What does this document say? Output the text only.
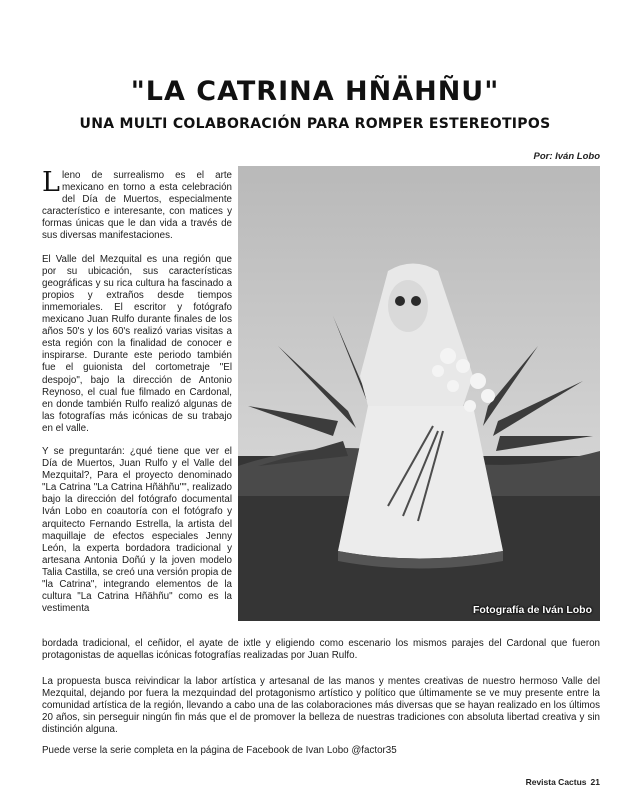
"LA CATRINA HÑÄHÑU"
UNA MULTI COLABORACIÓN PARA ROMPER ESTEREOTIPOS
Por: Iván Lobo

Lleno de surrealismo es el arte mexicano en torno a esta celebración del Día de Muertos, especialmente característico e interesante, con matices y formas únicas que le dan vida a través de sus diversas manifestaciones.

El Valle del Mezquital es una región que por su ubicación, sus características geográficas y su rica cultura ha fascinado a propios y extraños desde tiempos inmemoriales. El escritor y fotógrafo mexicano Juan Rulfo durante finales de los años 50's y los 60's realizó varias visitas a esta región con la finalidad de conocer e inspirarse. Durante este periodo también fue el guionista del cortometraje "El despojo", bajo la dirección de Antonio Reynoso, el cual fue filmado en Cardonal, en donde también Rulfo realizó algunas de las fotografías más icónicas de su trabajo en el valle.

Y se preguntarán: ¿qué tiene que ver el Día de Muertos, Juan Rulfo y el Valle del Mezquital?, Para el proyecto denominado "La Catrina "La Catrina Hñähñu"", realizado bajo la dirección del fotógrafo documental Iván Lobo en coautoría con el fotógrafo y arquitecto Fernando Estrella, la artista del maquillaje de efectos especiales Jenny León, la experta bordadora tradicional y artesana Antonia Doñú y la joven modelo Talia Castilla, se creó una versión propia de "la Catrina", integrando elementos de la cultura "La Catrina Hñähñu" como es la vestimenta	Fotografía de Iván Lobo

bordada tradicional, el ceñidor, el ayate de ixtle y eligiendo como escenario los mismos parajes del Cardonal que fueron protagonistas de aquellas icónicas fotografías realizadas por Juan Rulfo.

La propuesta busca reivindicar la labor artística y artesanal de las manos y mentes creativas de nuestro hermoso Valle del Mezquital, dejando por fuera la mezquindad del protagonismo artístico y político que últimamente se ve muy presente entre la comunidad artística de la región, llevando a cabo una de las colaboraciones más diversas que se hayan realizado en los últimos 20 años, sin perseguir ningún fin más que el de promover la belleza de nuestras tradiciones con absoluta libertad creativa y sin distinción alguna.

Puede verse la serie completa en la página de Facebook de Ivan Lobo @factor35

Revista Cactus 21
